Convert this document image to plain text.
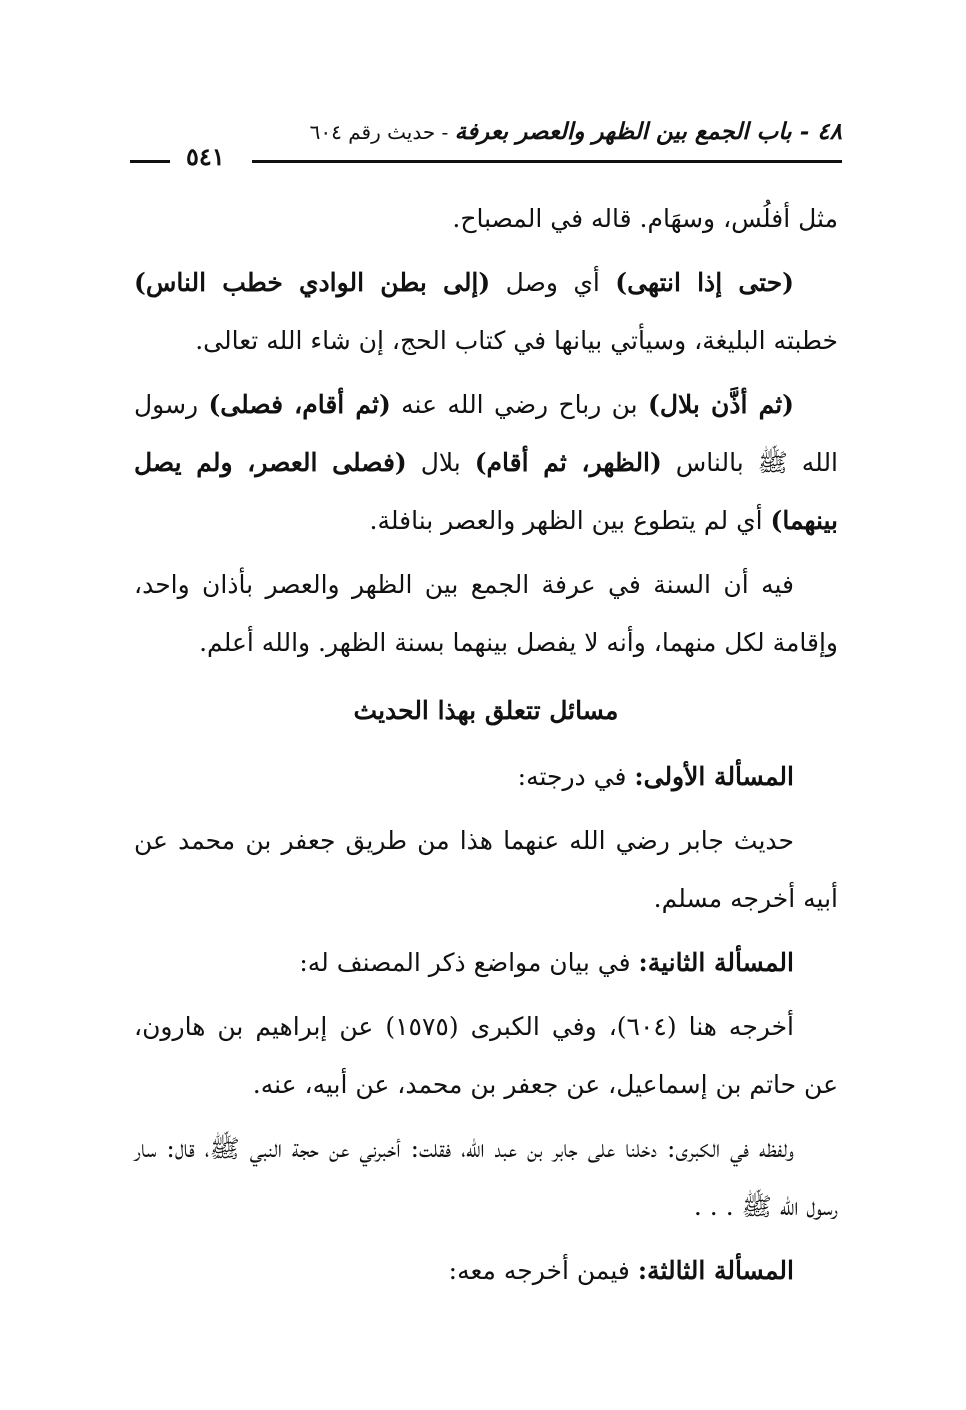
٤٨ - باب الجمع بين الظهر والعصر بعرفة - حديث رقم ٦٠٤
٥٤١

مثل أفلُس، وسهَام. قاله في المصباح.

(حتى إذا انتهى) أي وصل (إلى بطن الوادي خطب الناس) خطبته البليغة، وسيأتي بيانها في كتاب الحج، إن شاء الله تعالى.

(ثم أذَّن بلال) بن رباح رضي الله عنه (ثم أقام، فصلى) رسول الله ﷺ بالناس (الظهر، ثم أقام) بلال (فصلى العصر، ولم يصل بينهما) أي لم يتطوع بين الظهر والعصر بنافلة.

فيه أن السنة في عرفة الجمع بين الظهر والعصر بأذان واحد، وإقامة لكل منهما، وأنه لا يفصل بينهما بسنة الظهر. والله أعلم.

مسائل تتعلق بهذا الحديث

المسألة الأولى: في درجته:

حديث جابر رضي الله عنهما هذا من طريق جعفر بن محمد عن أبيه أخرجه مسلم.

المسألة الثانية: في بيان مواضع ذكر المصنف له:

أخرجه هنا (٦٠٤)، وفي الكبرى (١٥٧٥) عن إبراهيم بن هارون، عن حاتم بن إسماعيل، عن جعفر بن محمد، عن أبيه، عنه.

ولفظه في الكبرى: دخلنا على جابر بن عبد الله، فقلت: أخبرني عن حجة النبي ﷺ، قال: سار رسول الله ﷺ . . .

المسألة الثالثة: فيمن أخرجه معه:
